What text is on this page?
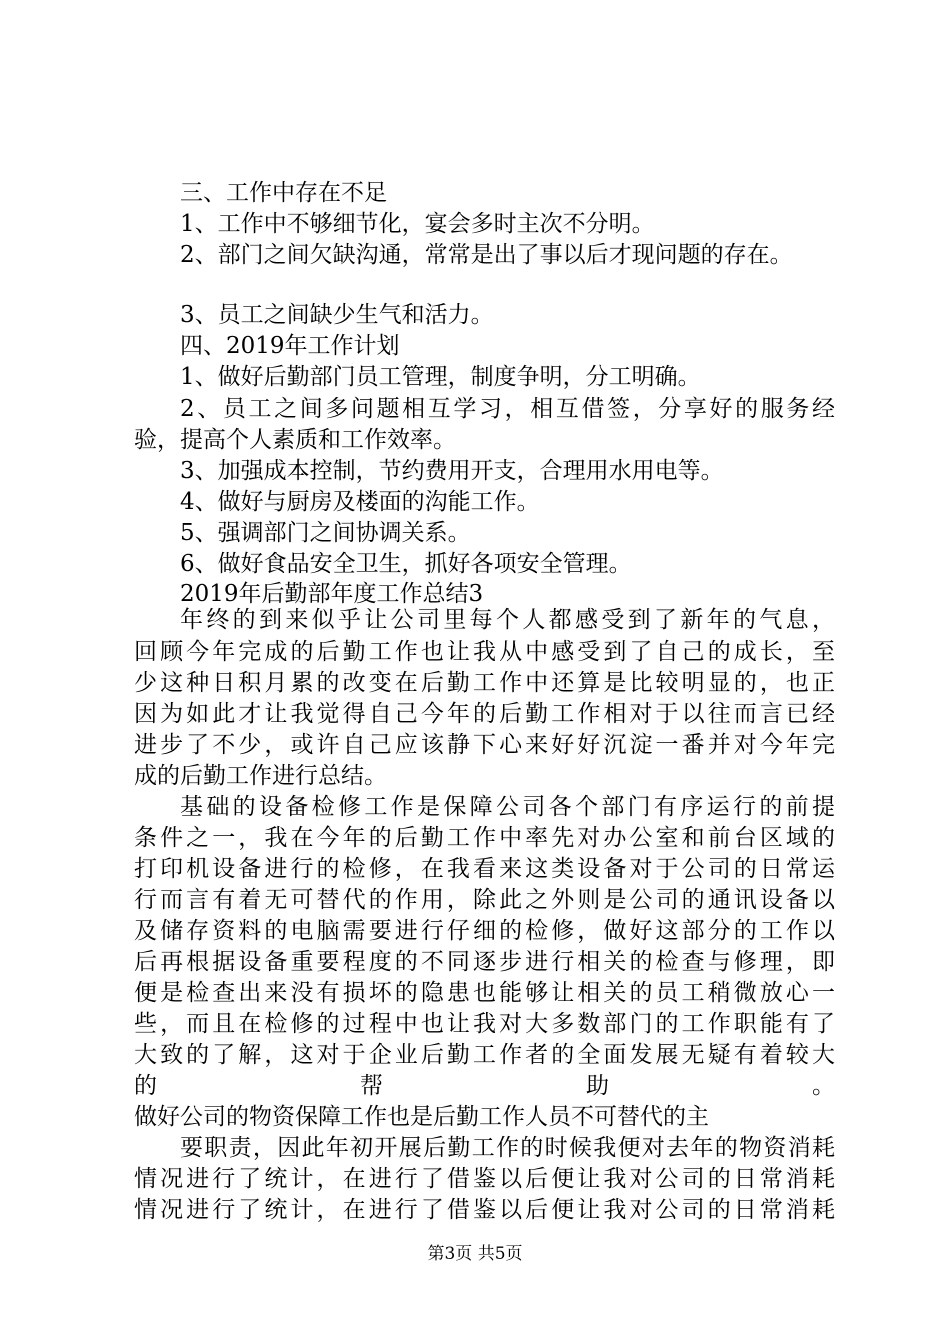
三、工作中存在不足
1、工作中不够细节化，宴会多时主次不分明。
2、部门之间欠缺沟通，常常是出了事以后才现问题的存在。
3、员工之间缺少生气和活力。
四、2019年工作计划
1、做好后勤部门员工管理，制度争明，分工明确。
2、员工之间多问题相互学习，相互借签，分享好的服务经
验，提高个人素质和工作效率。
3、加强成本控制，节约费用开支，合理用水用电等。
4、做好与厨房及楼面的沟能工作。
5、强调部门之间协调关系。
6、做好食品安全卫生，抓好各项安全管理。
2019年后勤部年度工作总结3
年终的到来似乎让公司里每个人都感受到了新年的气息，
回顾今年完成的后勤工作也让我从中感受到了自己的成长，至
少这种日积月累的改变在后勤工作中还算是比较明显的，也正
因为如此才让我觉得自己今年的后勤工作相对于以往而言已经
进步了不少，或许自己应该静下心来好好沉淀一番并对今年完
成的后勤工作进行总结。
基础的设备检修工作是保障公司各个部门有序运行的前提
条件之一，我在今年的后勤工作中率先对办公室和前台区域的
打印机设备进行的检修，在我看来这类设备对于公司的日常运
行而言有着无可替代的作用，除此之外则是公司的通讯设备以
及储存资料的电脑需要进行仔细的检修，做好这部分的工作以
后再根据设备重要程度的不同逐步进行相关的检查与修理，即
便是检查出来没有损坏的隐患也能够让相关的员工稍微放心一
些，而且在检修的过程中也让我对大多数部门的工作职能有了
大致的了解，这对于企业后勤工作者的全面发展无疑有着较大
的帮助。
做好公司的物资保障工作也是后勤工作人员不可替代的主
要职责，因此年初开展后勤工作的时候我便对去年的物资消耗
情况进行了统计，在进行了借鉴以后便让我对公司的日常消耗
情况进行了统计，在进行了借鉴以后便让我对公司的日常消耗
第3页 共5页
